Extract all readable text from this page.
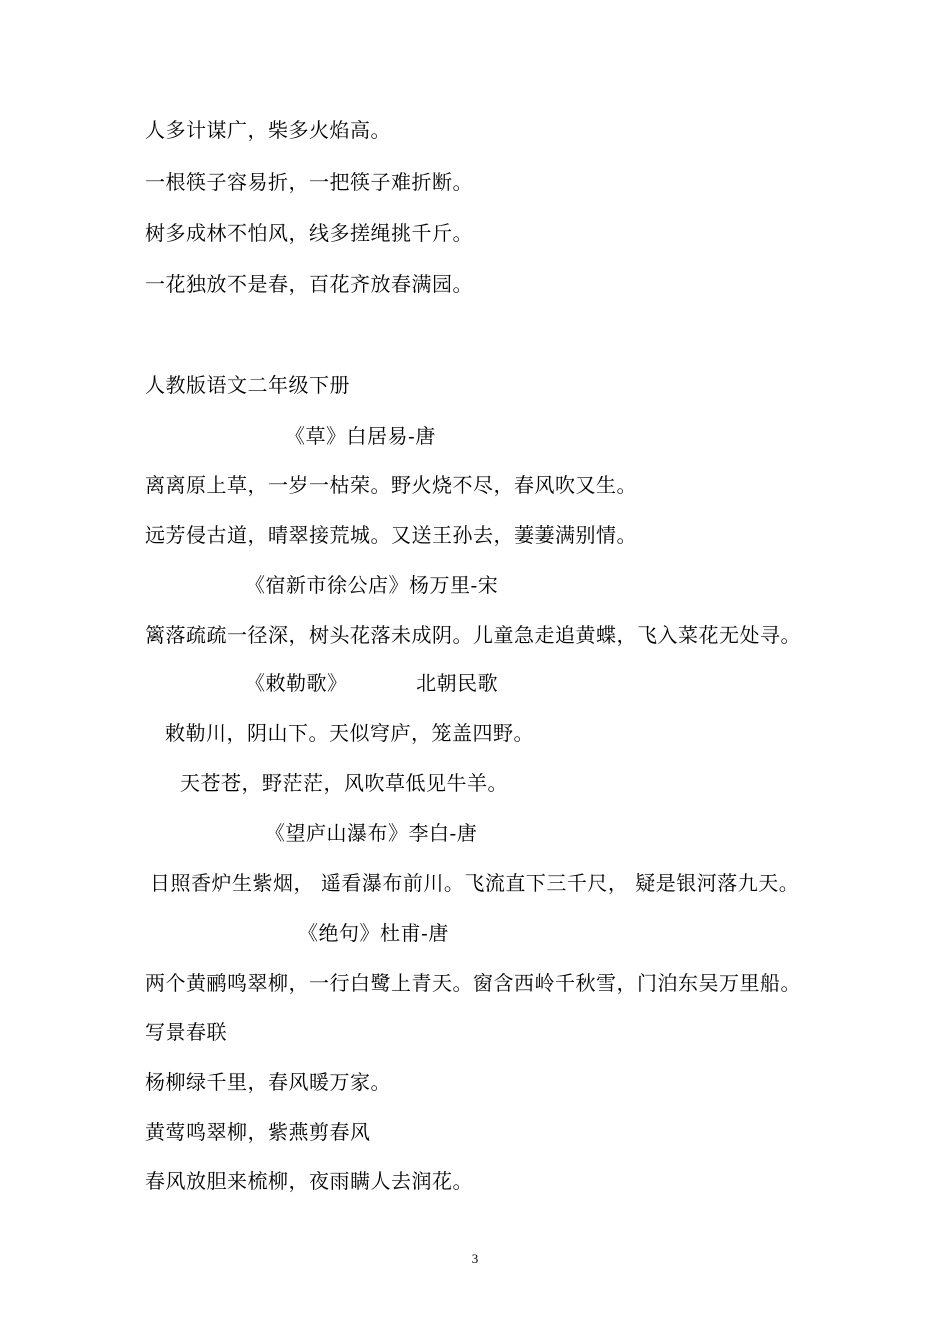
人多计谋广，柴多火焰高。
一根筷子容易折，一把筷子难折断。
树多成林不怕风，线多搓绳挑千斤。
一花独放不是春，百花齐放春满园。
人教版语文二年级下册
《草》白居易-唐
离离原上草，一岁一枯荣。野火烧不尽，春风吹又生。
远芳侵古道，晴翠接荒城。又送王孙去，萋萋满别情。
《宿新市徐公店》杨万里-宋
篱落疏疏一径深，树头花落未成阴。儿童急走追黄蝶，飞入菜花无处寻。
《敕勒歌》          北朝民歌
敕勒川，阴山下。天似穹庐，笼盖四野。
天苍苍，野茫茫，风吹草低见牛羊。
《望庐山瀑布》李白-唐
日照香炉生紫烟， 遥看瀑布前川。飞流直下三千尺， 疑是银河落九天。
《绝句》杜甫-唐
两个黄鹂鸣翠柳，一行白鹭上青天。窗含西岭千秋雪，门泊东吴万里船。
写景春联
杨柳绿千里，春风暖万家。
黄莺鸣翠柳，紫燕剪春风
春风放胆来梳柳，夜雨瞒人去润花。
3
